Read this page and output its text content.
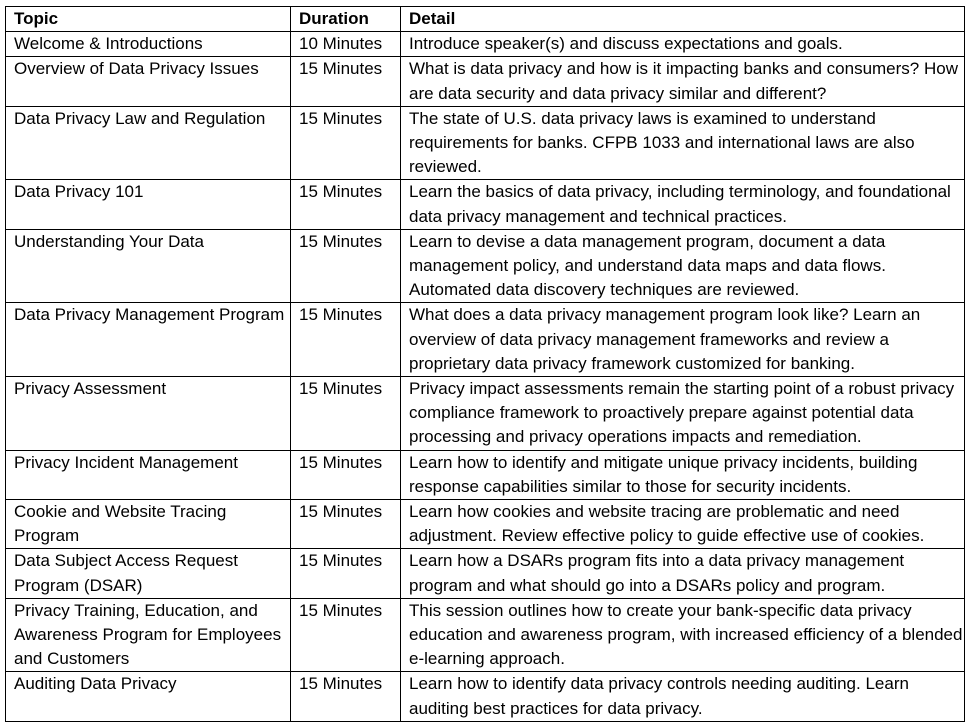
Topic	Duration	Detail
Welcome & Introductions	10 Minutes	Introduce speaker(s) and discuss expectations and goals.
Overview of Data Privacy Issues	15 Minutes	What is data privacy and how is it impacting banks and consumers? How are data security and data privacy similar and different?
Data Privacy Law and Regulation	15 Minutes	The state of U.S. data privacy laws is examined to understand requirements for banks. CFPB 1033 and international laws are also reviewed.
Data Privacy 101	15 Minutes	Learn the basics of data privacy, including terminology, and foundational data privacy management and technical practices.
Understanding Your Data	15 Minutes	Learn to devise a data management program, document a data management policy, and understand data maps and data flows. Automated data discovery techniques are reviewed.
Data Privacy Management Program	15 Minutes	What does a data privacy management program look like? Learn an overview of data privacy management frameworks and review a proprietary data privacy framework customized for banking.
Privacy Assessment	15 Minutes	Privacy impact assessments remain the starting point of a robust privacy compliance framework to proactively prepare against potential data processing and privacy operations impacts and remediation.
Privacy Incident Management	15 Minutes	Learn how to identify and mitigate unique privacy incidents, building response capabilities similar to those for security incidents.
Cookie and Website Tracing Program	15 Minutes	Learn how cookies and website tracing are problematic and need adjustment. Review effective policy to guide effective use of cookies.
Data Subject Access Request Program (DSAR)	15 Minutes	Learn how a DSARs program fits into a data privacy management program and what should go into a DSARs policy and program.
Privacy Training, Education, and Awareness Program for Employees and Customers	15 Minutes	This session outlines how to create your bank-specific data privacy education and awareness program, with increased efficiency of a blended e-learning approach.
Auditing Data Privacy	15 Minutes	Learn how to identify data privacy controls needing auditing. Learn auditing best practices for data privacy.
